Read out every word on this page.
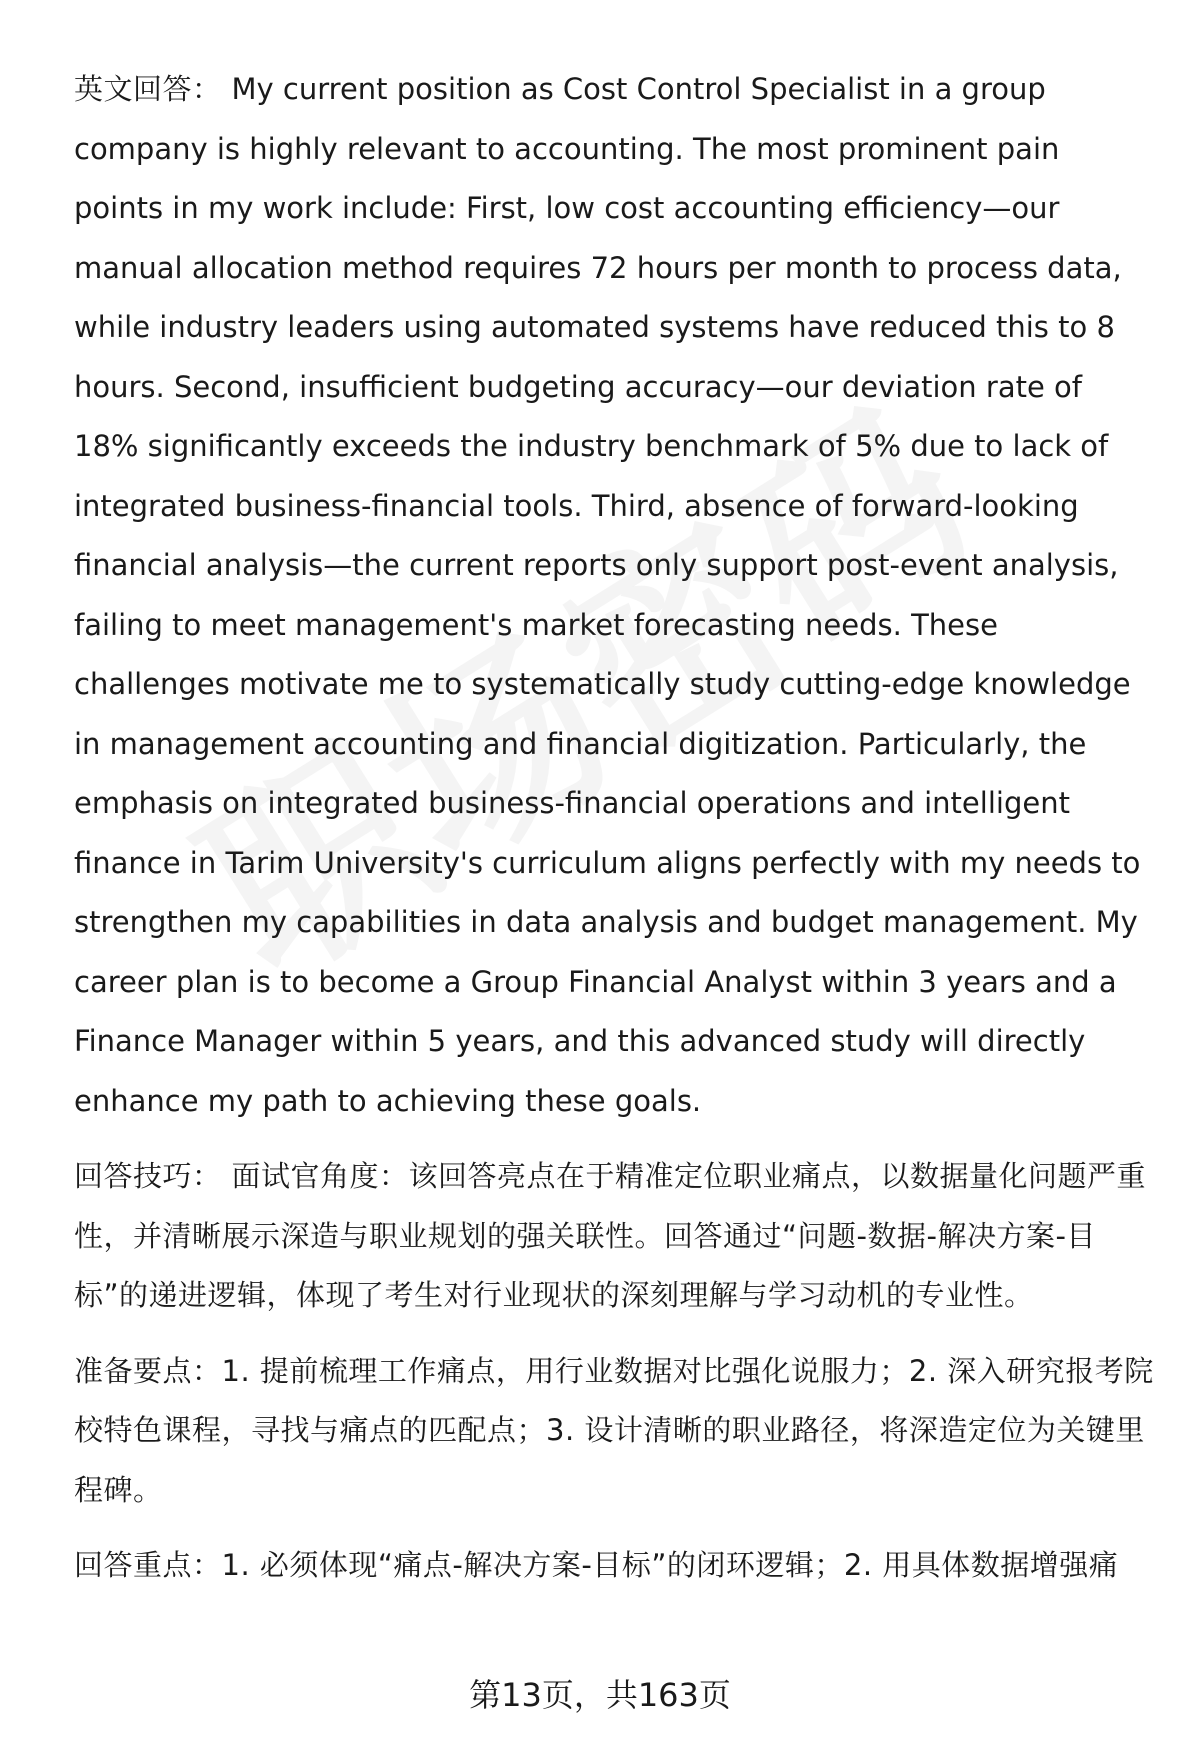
英文回答： My current position as Cost Control Specialist in a group company is highly relevant to accounting. The most prominent pain points in my work include: First, low cost accounting efficiency—our manual allocation method requires 72 hours per month to process data, while industry leaders using automated systems have reduced this to 8 hours. Second, insufficient budgeting accuracy—our deviation rate of 18% significantly exceeds the industry benchmark of 5% due to lack of integrated business-financial tools. Third, absence of forward-looking financial analysis—the current reports only support post-event analysis, failing to meet management's market forecasting needs. These challenges motivate me to systematically study cutting-edge knowledge in management accounting and financial digitization. Particularly, the emphasis on integrated business-financial operations and intelligent finance in Tarim University's curriculum aligns perfectly with my needs to strengthen my capabilities in data analysis and budget management. My career plan is to become a Group Financial Analyst within 3 years and a Finance Manager within 5 years, and this advanced study will directly enhance my path to achieving these goals.

回答技巧： 面试官角度：该回答亮点在于精准定位职业痛点，以数据量化问题严重性，并清晰展示深造与职业规划的强关联性。回答通过“问题-数据-解决方案-目标”的递进逻辑，体现了考生对行业现状的深刻理解与学习动机的专业性。

准备要点：1. 提前梳理工作痛点，用行业数据对比强化说服力；2. 深入研究报考院校特色课程，寻找与痛点的匹配点；3. 设计清晰的职业路径，将深造定位为关键里程碑。

回答重点：1. 必须体现“痛点-解决方案-目标”的闭环逻辑；2. 用具体数据增强痛

第13页，共163页
